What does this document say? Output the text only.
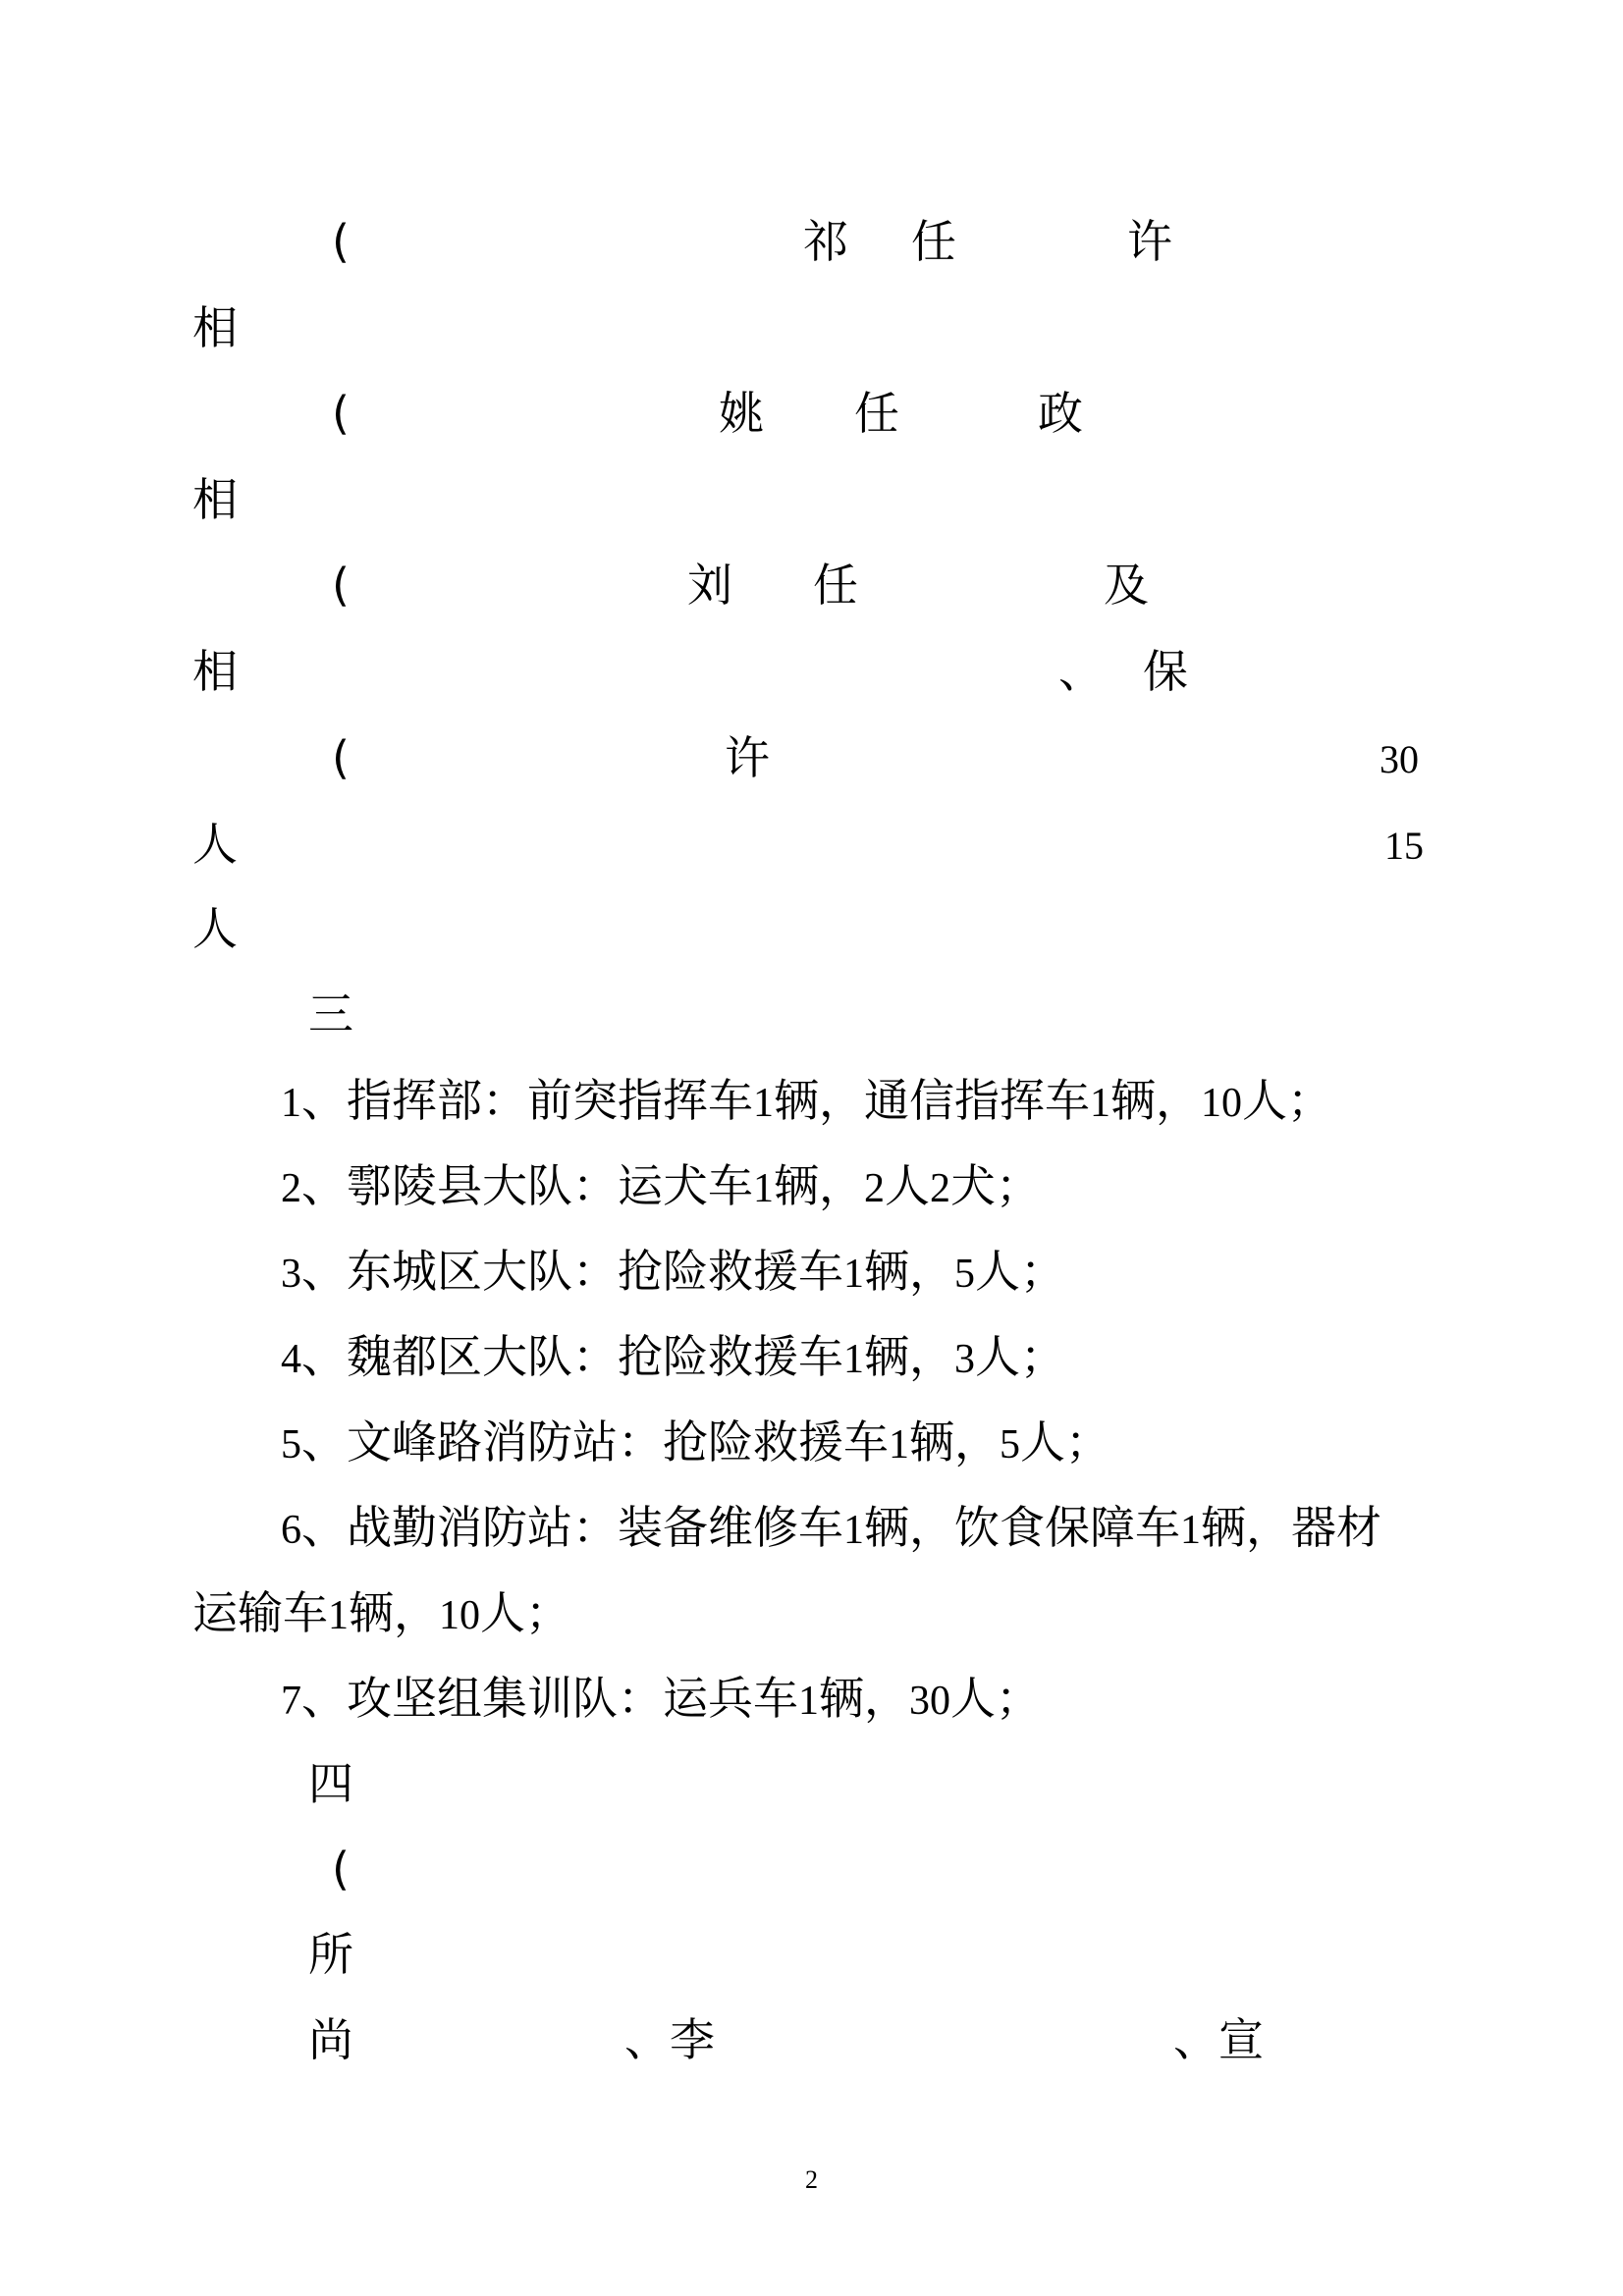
(	祁 任	许

相

(	姚 任	政

相

(	刘 任	及

相	、 保

(	许	30

人	15

人

三

1、指挥部：前突指挥车1辆，通信指挥车1辆，10人；

2、鄠陵县大队：运犬车1辆，2人2犬；

3、东城区大队：抢险救援车1辆，5人；

4、魏都区大队：抢险救援车1辆，3人；

5、文峰路消防站：抢险救援车1辆，5人；

6、战勤消防站：装备维修车1辆，饮食保障车1辆，器材

运输车1辆，10人；

7、攻坚组集训队：运兵车1辆，30人；

四

(

所

尚	、李	、宣

2
